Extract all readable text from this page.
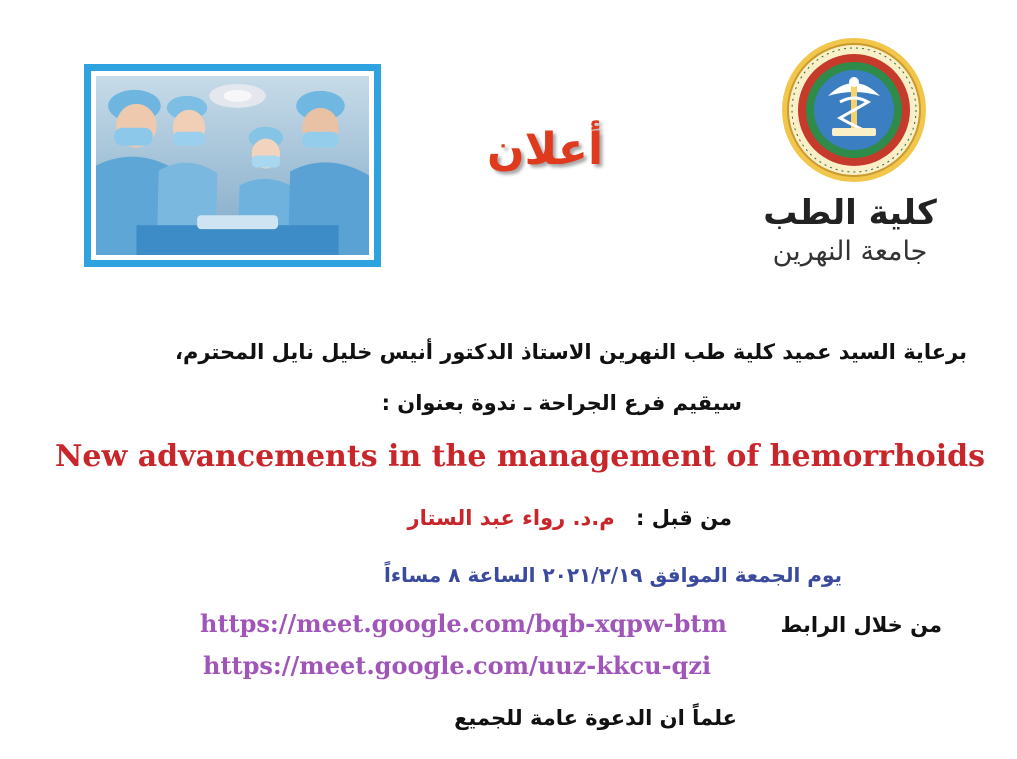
أعلان
كلية الطب
جامعة النهرين
برعاية السيد عميد كلية طب النهرين الاستاذ الدكتور أنيس خليل نايل المحترم،
سيقيم فرع الجراحة ـ ندوة بعنوان :
New advancements in the management of hemorrhoids
من قبل : م.د. رواء عبد الستار
يوم الجمعة الموافق ٢٠٢١/٢/١٩ الساعة ٨ مساءاً
من خلال الرابط
https://meet.google.com/bqb-xqpw-btm
https://meet.google.com/uuz-kkcu-qzi
علماً ان الدعوة عامة للجميع
